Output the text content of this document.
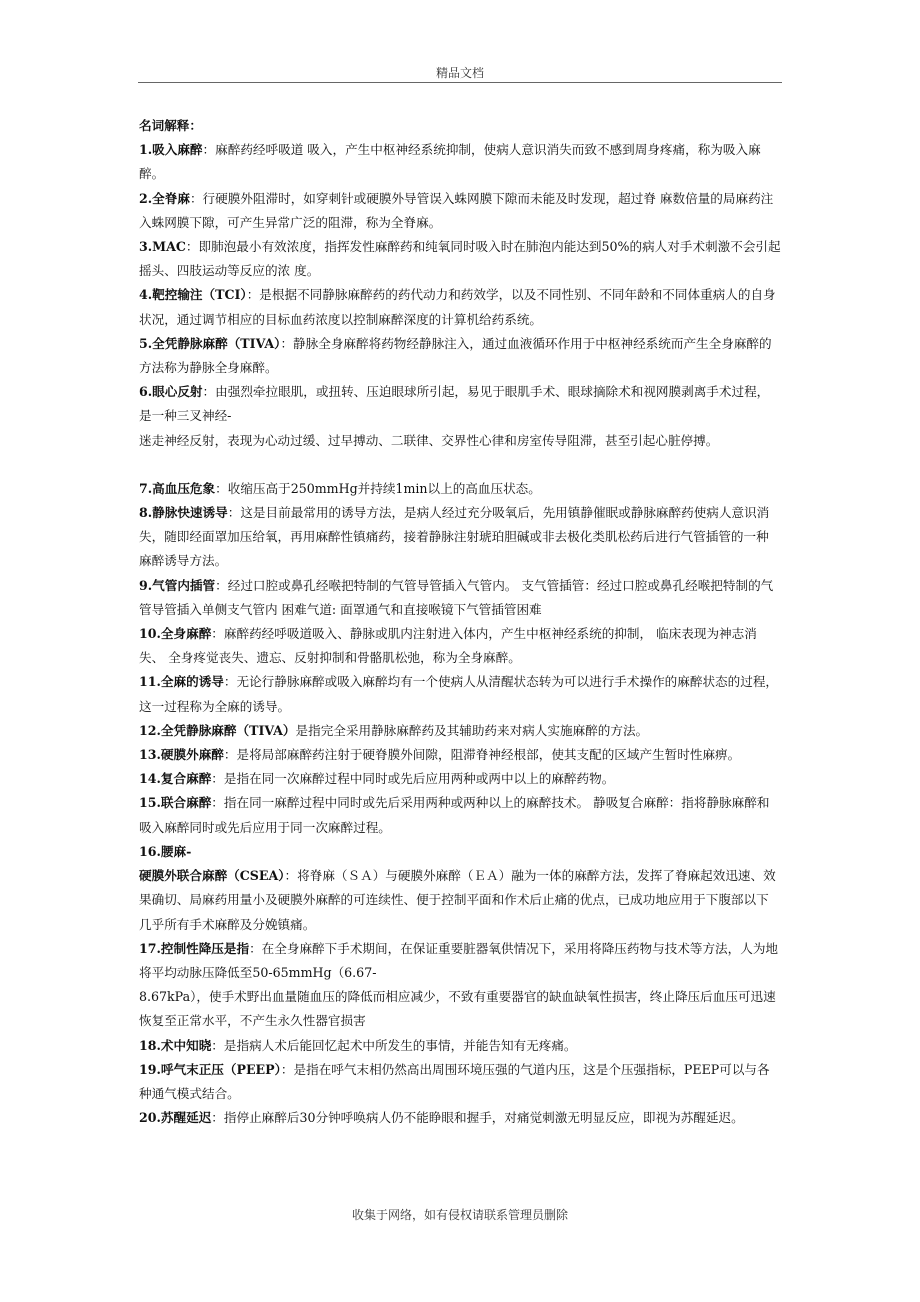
精品文档

名词解释：

1.吸入麻醉：麻醉药经呼吸道 吸入，产生中枢神经系统抑制，使病人意识消失而致不感到周身疼痛，称为吸入麻醉。

2.全脊麻：行硬膜外阻滞时，如穿刺针或硬膜外导管误入蛛网膜下隙而未能及时发现，超过脊 麻数倍量的局麻药注入蛛网膜下隙，可产生异常广泛的阻滞，称为全脊麻。

3.MAC：即肺泡最小有效浓度，指挥发性麻醉药和纯氧同时吸入时在肺泡内能达到50%的病人对手术刺激不会引起摇头、四肢运动等反应的浓 度。

4.靶控输注（TCI）：是根据不同静脉麻醉药的药代动力和药效学，以及不同性别、不同年龄和不同体重病人的自身状况，通过调节相应的目标血药浓度以控制麻醉深度的计算机给药系统。

5.全凭静脉麻醉（TIVA）：静脉全身麻醉将药物经静脉注入，通过血液循环作用于中枢神经系统而产生全身麻醉的方法称为静脉全身麻醉。

6.眼心反射：由强烈牵拉眼肌，或扭转、压迫眼球所引起，易见于眼肌手术、眼球摘除术和视网膜剥离手术过程，是一种三叉神经-

迷走神经反射，表现为心动过缓、过早搏动、二联律、交界性心律和房室传导阻滞，甚至引起心脏停搏。

7.高血压危象：收缩压高于250mmHg并持续1min以上的高血压状态。

8.静脉快速诱导：这是目前最常用的诱导方法，是病人经过充分吸氧后，先用镇静催眠或静脉麻醉药使病人意识消失，随即经面罩加压给氧，再用麻醉性镇痛药，接着静脉注射琥珀胆碱或非去极化类肌松药后进行气管插管的一种麻醉诱导方法。

9.气管内插管：经过口腔或鼻孔经喉把特制的气管导管插入气管内。 支气管插管：经过口腔或鼻孔经喉把特制的气管导管插入单侧支气管内 困难气道: 面罩通气和直接喉镜下气管插管困难

10.全身麻醉：麻醉药经呼吸道吸入、静脉或肌内注射进入体内，产生中枢神经系统的抑制， 临床表现为神志消失、 全身疼觉丧失、遗忘、反射抑制和骨骼肌松弛，称为全身麻醉。

11.全麻的诱导：无论行静脉麻醉或吸入麻醉均有一个使病人从清醒状态转为可以进行手术操作的麻醉状态的过程，这一过程称为全麻的诱导。

12.全凭静脉麻醉（TIVA）是指完全采用静脉麻醉药及其辅助药来对病人实施麻醉的方法。

13.硬膜外麻醉：是将局部麻醉药注射于硬脊膜外间隙，阻滞脊神经根部，使其支配的区域产生暂时性麻痹。

14.复合麻醉：是指在同一次麻醉过程中同时或先后应用两种或两中以上的麻醉药物。

15.联合麻醉：指在同一麻醉过程中同时或先后采用两种或两种以上的麻醉技术。 静吸复合麻醉：指将静脉麻醉和吸入麻醉同时或先后应用于同一次麻醉过程。

16.腰麻-

硬膜外联合麻醉（CSEA）：将脊麻（ＳＡ）与硬膜外麻醉（ＥＡ）融为一体的麻醉方法，发挥了脊麻起效迅速、效果确切、局麻药用量小及硬膜外麻醉的可连续性、便于控制平面和作术后止痛的优点，已成功地应用于下腹部以下几乎所有手术麻醉及分娩镇痛。

17.控制性降压是指：在全身麻醉下手术期间，在保证重要脏器氧供情况下，采用将降压药物与技术等方法，人为地将平均动脉压降低至50-65mmHg（6.67-

8.67kPa），使手术野出血量随血压的降低而相应减少，不致有重要器官的缺血缺氧性损害，终止降压后血压可迅速恢复至正常水平，不产生永久性器官损害

18.术中知晓：是指病人术后能回忆起术中所发生的事情，并能告知有无疼痛。

19.呼气末正压（PEEP）：是指在呼气末相仍然高出周围环境压强的气道内压，这是个压强指标，PEEP可以与各种通气模式结合。

20.苏醒延迟：指停止麻醉后30分钟呼唤病人仍不能睁眼和握手，对痛觉刺激无明显反应，即视为苏醒延迟。

收集于网络，如有侵权请联系管理员删除
